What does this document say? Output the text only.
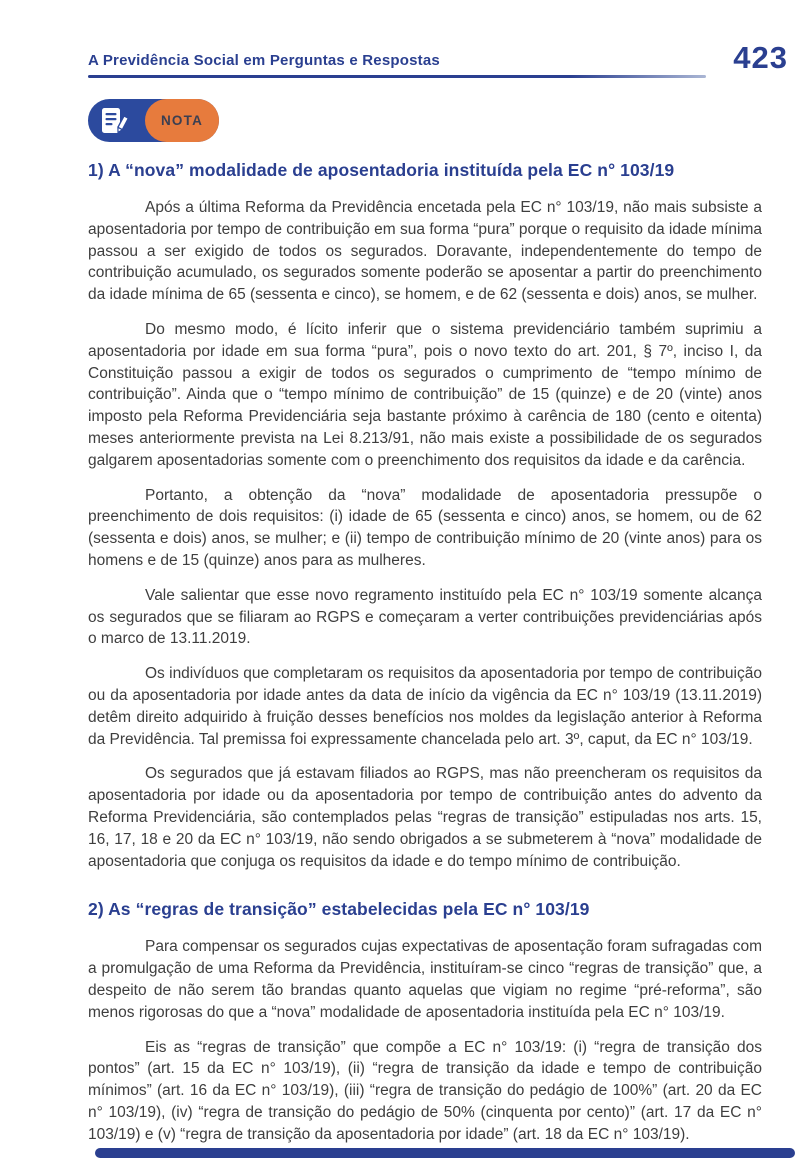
A Previdência Social em Perguntas e Respostas	423
NOTA
1) A “nova” modalidade de aposentadoria instituída pela EC n° 103/19

Após a última Reforma da Previdência encetada pela EC n° 103/19, não mais subsiste a aposentadoria por tempo de contribuição em sua forma “pura” porque o requisito da idade mínima passou a ser exigido de todos os segurados. Doravante, independentemente do tempo de contribuição acumulado, os segurados somente poderão se aposentar a partir do preenchimento da idade mínima de 65 (sessenta e cinco), se homem, e de 62 (sessenta e dois) anos, se mulher.

Do mesmo modo, é lícito inferir que o sistema previdenciário também suprimiu a aposentadoria por idade em sua forma “pura”, pois o novo texto do art. 201, § 7º, inciso I, da Constituição passou a exigir de todos os segurados o cumprimento de “tempo mínimo de contribuição”. Ainda que o “tempo mínimo de contribuição” de 15 (quinze) e de 20 (vinte) anos imposto pela Reforma Previdenciária seja bastante próximo à carência de 180 (cento e oitenta) meses anteriormente prevista na Lei 8.213/91, não mais existe a possibilidade de os segurados galgarem aposentadorias somente com o preenchimento dos requisitos da idade e da carência.

Portanto, a obtenção da “nova” modalidade de aposentadoria pressupõe o preenchimento de dois requisitos: (i) idade de 65 (sessenta e cinco) anos, se homem, ou de 62 (sessenta e dois) anos, se mulher; e (ii) tempo de contribuição mínimo de 20 (vinte anos) para os homens e de 15 (quinze) anos para as mulheres.

Vale salientar que esse novo regramento instituído pela EC n° 103/19 somente alcança os segurados que se filiaram ao RGPS e começaram a verter contribuições previdenciárias após o marco de 13.11.2019.

Os indivíduos que completaram os requisitos da aposentadoria por tempo de contribuição ou da aposentadoria por idade antes da data de início da vigência da EC n° 103/19 (13.11.2019) detêm direito adquirido à fruição desses benefícios nos moldes da legislação anterior à Reforma da Previdência. Tal premissa foi expressamente chancelada pelo art. 3º, caput, da EC n° 103/19.

Os segurados que já estavam filiados ao RGPS, mas não preencheram os requisitos da aposentadoria por idade ou da aposentadoria por tempo de contribuição antes do advento da Reforma Previdenciária, são contemplados pelas “regras de transição” estipuladas nos arts. 15, 16, 17, 18 e 20 da EC n° 103/19, não sendo obrigados a se submeterem à “nova” modalidade de aposentadoria que conjuga os requisitos da idade e do tempo mínimo de contribuição.

2) As “regras de transição” estabelecidas pela EC n° 103/19

Para compensar os segurados cujas expectativas de aposentação foram sufragadas com a promulgação de uma Reforma da Previdência, instituíram-se cinco “regras de transição” que, a despeito de não serem tão brandas quanto aquelas que vigiam no regime “pré-reforma”, são menos rigorosas do que a “nova” modalidade de aposentadoria instituída pela EC n° 103/19.

Eis as “regras de transição” que compõe a EC n° 103/19: (i) “regra de transição dos pontos” (art. 15 da EC n° 103/19), (ii) “regra de transição da idade e tempo de contribuição mínimos” (art. 16 da EC n° 103/19), (iii) “regra de transição do pedágio de 100%” (art. 20 da EC n° 103/19), (iv) “regra de transição do pedágio de 50% (cinquenta por cento)” (art. 17 da EC n° 103/19) e (v) “regra de transição da aposentadoria por idade” (art. 18 da EC n° 103/19).
